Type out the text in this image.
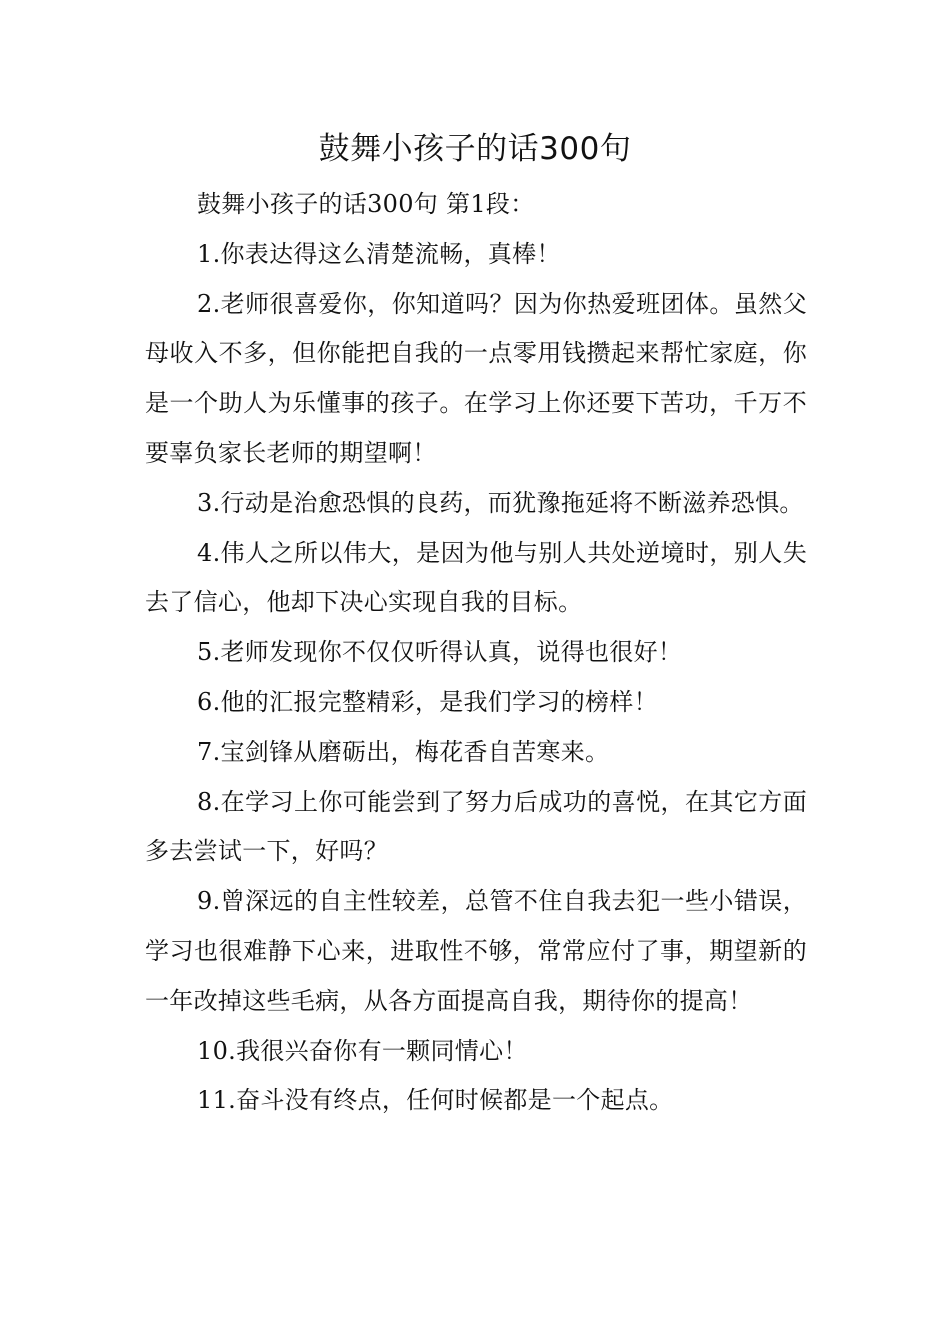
鼓舞小孩子的话300句

鼓舞小孩子的话300句 第1段：

1.你表达得这么清楚流畅，真棒！

2.老师很喜爱你，你知道吗？因为你热爱班团体。虽然父母收入不多，但你能把自我的一点零用钱攒起来帮忙家庭，你是一个助人为乐懂事的孩子。在学习上你还要下苦功，千万不要辜负家长老师的期望啊！

3.行动是治愈恐惧的良药，而犹豫拖延将不断滋养恐惧。

4.伟人之所以伟大，是因为他与别人共处逆境时，别人失去了信心，他却下决心实现自我的目标。

5.老师发现你不仅仅听得认真，说得也很好！

6.他的汇报完整精彩，是我们学习的榜样！

7.宝剑锋从磨砺出，梅花香自苦寒来。

8.在学习上你可能尝到了努力后成功的喜悦，在其它方面多去尝试一下，好吗？

9.曾深远的自主性较差，总管不住自我去犯一些小错误，学习也很难静下心来，进取性不够，常常应付了事，期望新的一年改掉这些毛病，从各方面提高自我，期待你的提高！

10.我很兴奋你有一颗同情心！

11.奋斗没有终点，任何时候都是一个起点。
